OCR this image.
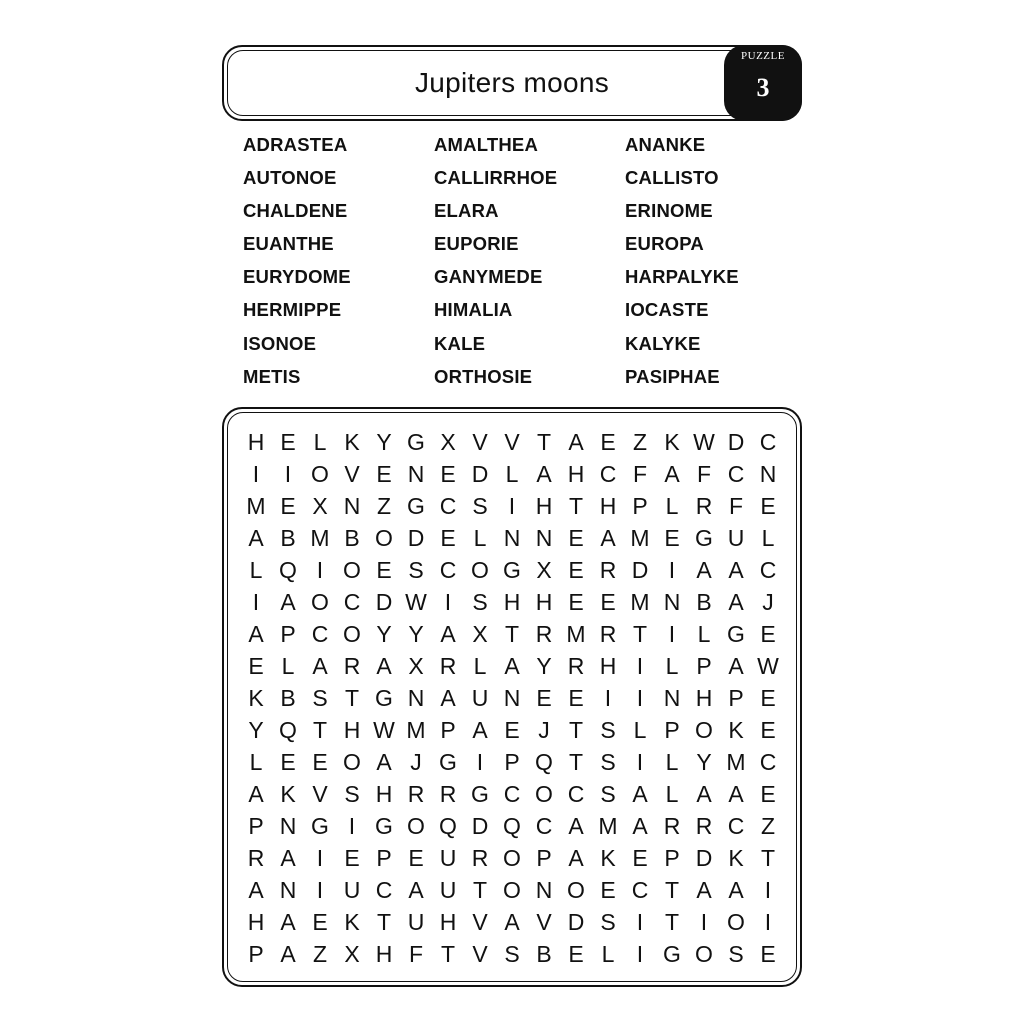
Jupiters moons
PUZZLE
3
ADRASTEA	AMALTHEA	ANANKE
AUTONOE	CALLIRRHOE	CALLISTO
CHALDENE	ELARA	ERINOME
EUANTHE	EUPORIE	EUROPA
EURYDOME	GANYMEDE	HARPALYKE
HERMIPPE	HIMALIA	IOCASTE
ISONOE	KALE	KALYKE
METIS	ORTHOSIE	PASIPHAE
H E L K Y G X V V T A E Z K W D C
I	I O V E N E D L A H C F A F C N
M E X N Z G C S I H T H P L R F E
A B M B O D E L N N E A M E G U L
L Q I O E S C O G X E R D I A A C
I A O C D W I S H H E E M N B A J
A P C O Y Y A X T R M R T I L G E
E L A R A X R L A Y R H I L P A W
K B S T G N A U N E E I	I N H P E
Y Q T H W M P A E J T S L P O K E
L E E O A J G I P Q T S I L Y M C
A K V S H R R G C O C S A L A A E
P N G I G O Q D Q C A M A R R C Z
R A I E P E U R O P A K E P D K T
A N I U C A U T O N O E C T A A I
H A E K T U H V A V D S I T I O I
P A Z X H F T V S B E L I G O S E
